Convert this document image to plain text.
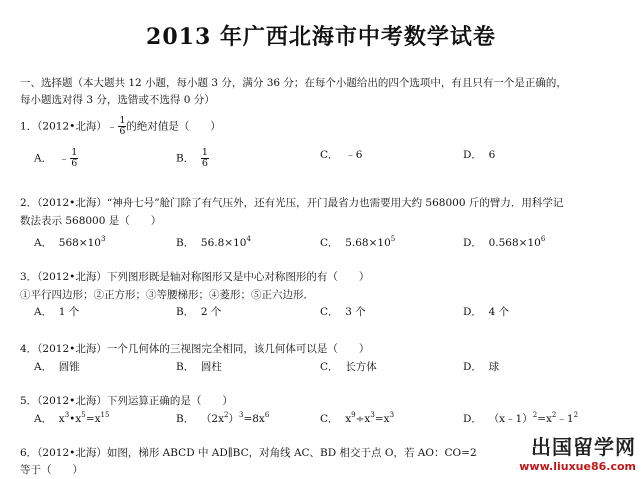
2013 年广西北海市中考数学试卷
一、选择题（本大题共 12 小题，每小题 3 分，满分 36 分；在每个小题给出的四个选项中，有且只有一个是正确的，
每小题选对得 3 分，选错或不选得 0 分）
1．（2012•北海）﹣ $\frac{1}{6}$ 的绝对值是（　　）
A． ﹣ $\frac{1}{6}$	B． $\frac{1}{6}$	C． ﹣6	D． 6
2．（2012•北海）“神舟七号”舱门除了有气压外，还有光压，开门最省力也需要用大约 568000 斤的臂力．用科学记
数法表示 568000 是（　　）
A． $568\times 10^3$	B． $56.8\times 10^4$	C． $5.68\times 10^5$	D． $0.568\times 10^6$
3．（2012•北海）下列图形既是轴对称图形又是中心对称图形的有（　　）
①平行四边形；②正方形；③等腰梯形；④菱形；⑤正六边形．
A． 1 个	B． 2 个	C． 3 个	D． 4 个
4．（2012•北海）一个几何体的三视图完全相同，该几何体可以是（　　）
A． 圆锥	B． 圆柱	C． 长方体	D． 球
5．（2012•北海）下列运算正确的是（　　）
A． $x^3•x^5=x^{15}$	B． $(2x^2)^3=8x^6$	C． $x^9\div x^3=x^3$	D． $(x﹣1)^2=x^2﹣1^2$
6．（2012•北海）如图，梯形 ABCD 中 AD∥BC，对角线 AC、BD 相交于点 O，若 AO：CO=2
等于（　　）
出国留学网
www.liuxue86.com
